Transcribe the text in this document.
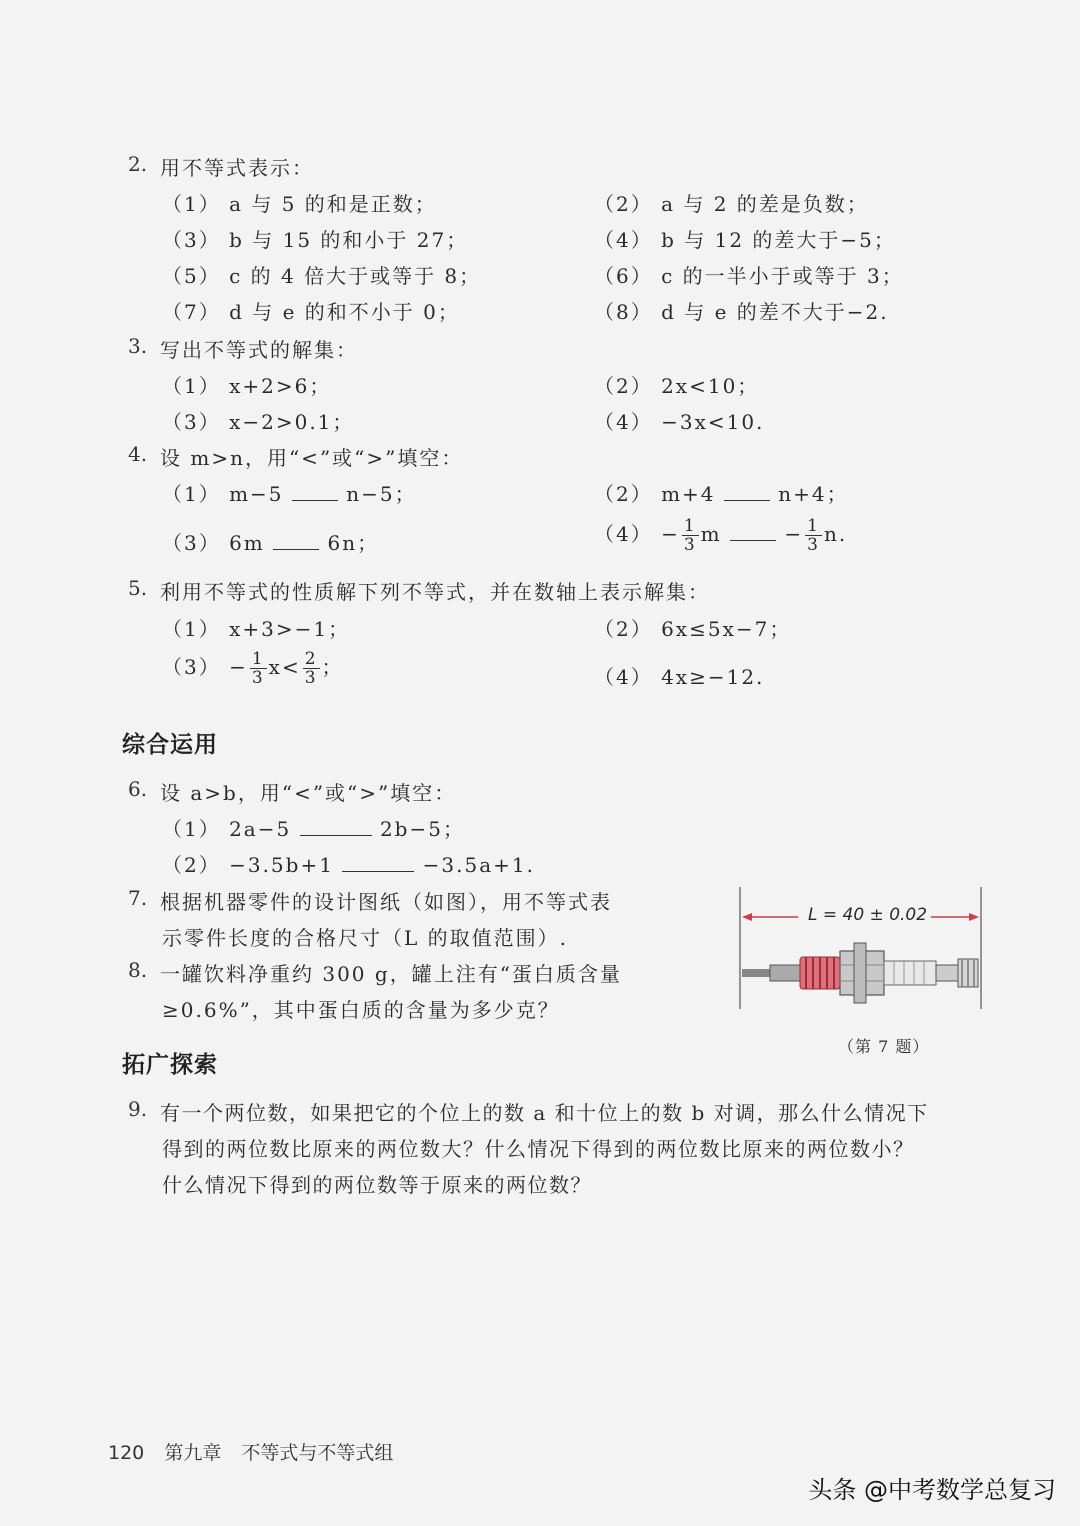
2. 用不等式表示：
（1） a 与 5 的和是正数；	（2） a 与 2 的差是负数；
（3） b 与 15 的和小于 27；	（4） b 与 12 的差大于−5；
（5） c 的 4 倍大于或等于 8；	（6） c 的一半小于或等于 3；
（7） d 与 e 的和不小于 0；	（8） d 与 e 的差不大于−2.
3. 写出不等式的解集：
（1） x+2>6；	（2） 2x<10；
（3） x−2>0.1；	（4） −3x<10.
4. 设 m>n，用“<”或“>”填空：
（1） m−5	n−5；	（2） m+4	n+4；
（3） 6m	6n；	$(4) - \frac{1}{3}$ m	− $\frac{1}{3} n$.
5. 利用不等式的性质解下列不等式，并在数轴上表示解集：
（1） x+3>−1；	（2） 6x≤5x−7；
$(3) - \frac{1}{3} x< \frac{2}{3}$ ；	（4） 4x≥−12.
综合运用
6. 设 a>b，用“<”或“>”填空：
（1） 2a−5	2b−5；
（2） −3.5b+1	−3.5a+1.
7. 根据机器零件的设计图纸（如图），用不等式表
示零件长度的合格尺寸（L 的取值范围）.
8. 一罐饮料净重约 300 g，罐上注有“蛋白质含量
≥0.6%”，其中蛋白质的含量为多少克？
L = 40 ± 0.02
（第 7 题）
拓广探索
9. 有一个两位数，如果把它的个位上的数 a 和十位上的数 b 对调，那么什么情况下
得到的两位数比原来的两位数大？什么情况下得到的两位数比原来的两位数小？
什么情况下得到的两位数等于原来的两位数？
120 第九章 不等式与不等式组
头条 @中考数学总复习
